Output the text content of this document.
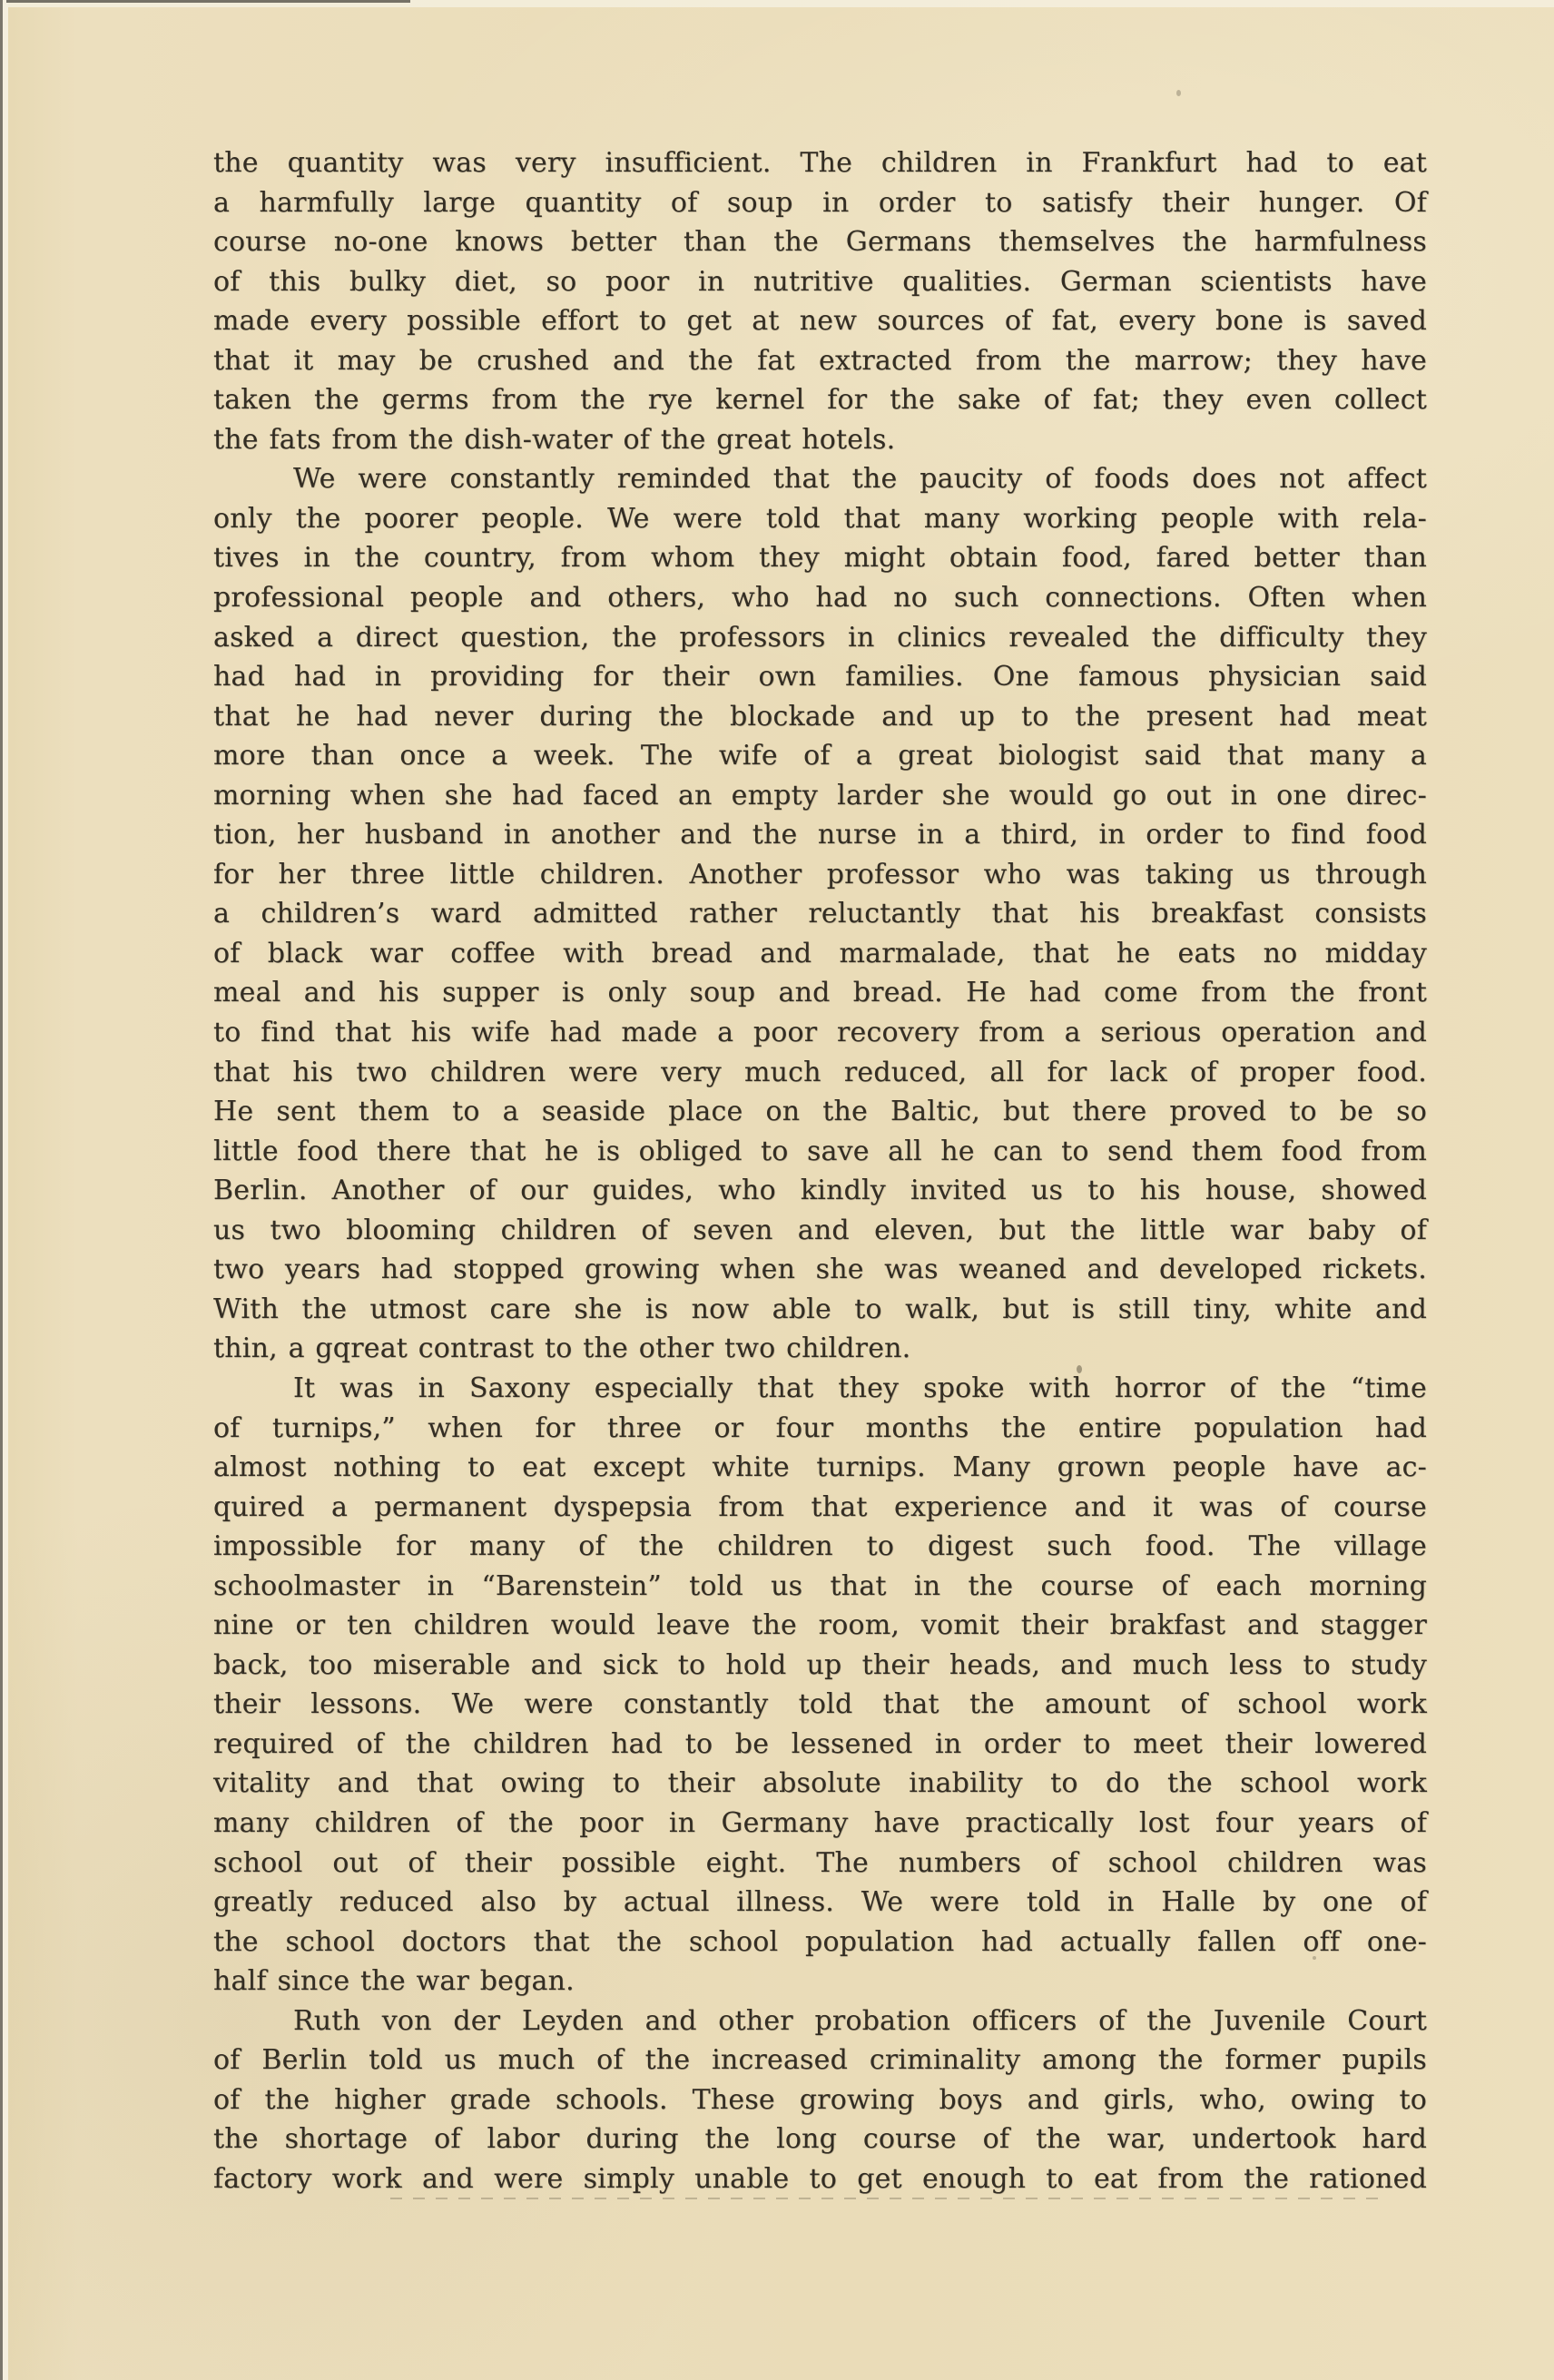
the quantity was very insufficient. The children in Frankfurt had to eat
a harmfully large quantity of soup in order to satisfy their hunger. Of
course no-one knows better than the Germans themselves the harmfulness
of this bulky diet, so poor in nutritive qualities. German scientists have
made every possible effort to get at new sources of fat, every bone is saved
that it may be crushed and the fat extracted from the marrow; they have
taken the germs from the rye kernel for the sake of fat; they even collect
the fats from the dish-water of the great hotels.
We were constantly reminded that the paucity of foods does not affect
only the poorer people. We were told that many working people with rela-
tives in the country, from whom they might obtain food, fared better than
professional people and others, who had no such connections. Often when
asked a direct question, the professors in clinics revealed the difficulty they
had had in providing for their own families. One famous physician said
that he had never during the blockade and up to the present had meat
more than once a week. The wife of a great biologist said that many a
morning when she had faced an empty larder she would go out in one direc-
tion, her husband in another and the nurse in a third, in order to find food
for her three little children. Another professor who was taking us through
a children’s ward admitted rather reluctantly that his breakfast consists
of black war coffee with bread and marmalade, that he eats no midday
meal and his supper is only soup and bread. He had come from the front
to find that his wife had made a poor recovery from a serious operation and
that his two children were very much reduced, all for lack of proper food.
He sent them to a seaside place on the Baltic, but there proved to be so
little food there that he is obliged to save all he can to send them food from
Berlin. Another of our guides, who kindly invited us to his house, showed
us two blooming children of seven and eleven, but the little war baby of
two years had stopped growing when she was weaned and developed rickets.
With the utmost care she is now able to walk, but is still tiny, white and
thin, a gqreat contrast to the other two children.
It was in Saxony especially that they spoke with horror of the “time
of turnips,” when for three or four months the entire population had
almost nothing to eat except white turnips. Many grown people have ac-
quired a permanent dyspepsia from that experience and it was of course
impossible for many of the children to digest such food. The village
schoolmaster in “Barenstein” told us that in the course of each morning
nine or ten children would leave the room, vomit their brakfast and stagger
back, too miserable and sick to hold up their heads, and much less to study
their lessons. We were constantly told that the amount of school work
required of the children had to be lessened in order to meet their lowered
vitality and that owing to their absolute inability to do the school work
many children of the poor in Germany have practically lost four years of
school out of their possible eight. The numbers of school children was
greatly reduced also by actual illness. We were told in Halle by one of
the school doctors that the school population had actually fallen off one-
half since the war began.
Ruth von der Leyden and other probation officers of the Juvenile Court
of Berlin told us much of the increased criminality among the former pupils
of the higher grade schools. These growing boys and girls, who, owing to
the shortage of labor during the long course of the war, undertook hard
factory work and were simply unable to get enough to eat from the rationed
